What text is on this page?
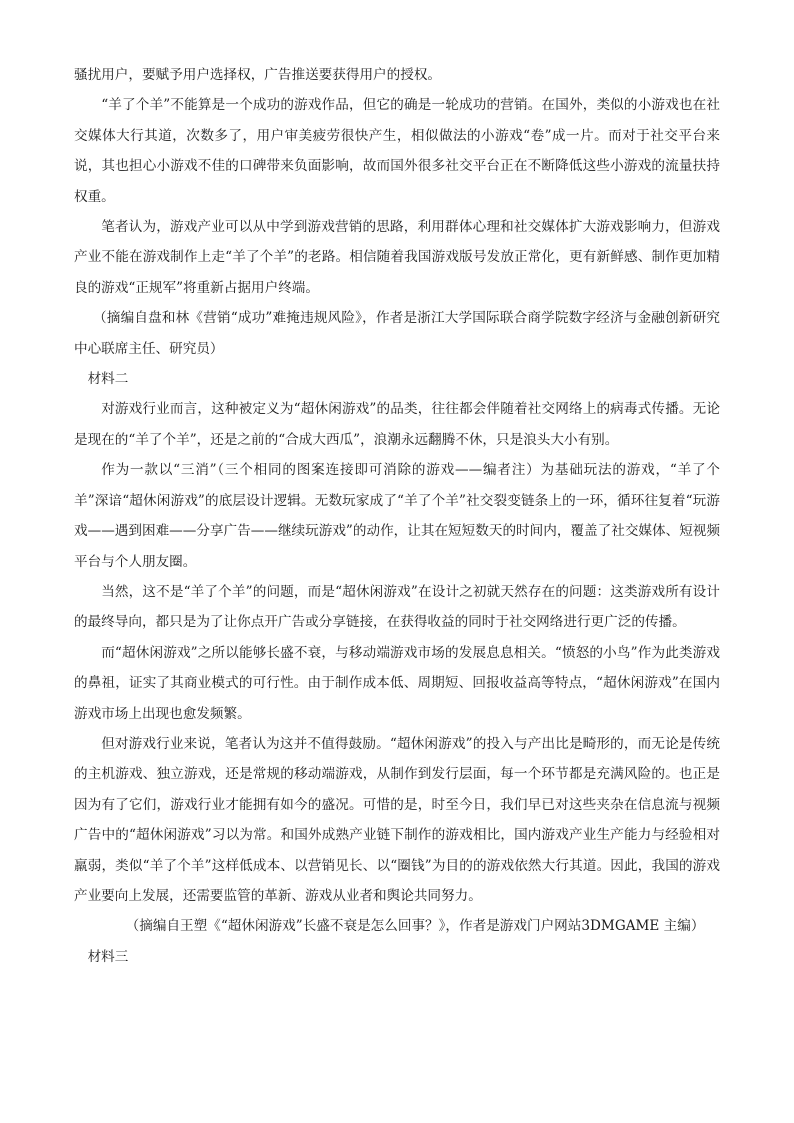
骚扰用户，要赋予用户选择权，广告推送要获得用户的授权。

“羊了个羊”不能算是一个成功的游戏作品，但它的确是一轮成功的营销。在国外，类似的小游戏也在社交媒体大行其道，次数多了，用户审美疲劳很快产生，相似做法的小游戏“卷”成一片。而对于社交平台来说，其也担心小游戏不佳的口碑带来负面影响，故而国外很多社交平台正在不断降低这些小游戏的流量扶持权重。

笔者认为，游戏产业可以从中学到游戏营销的思路，利用群体心理和社交媒体扩大游戏影响力，但游戏产业不能在游戏制作上走“羊了个羊”的老路。相信随着我国游戏版号发放正常化，更有新鲜感、制作更加精良的游戏“正规军”将重新占据用户终端。

（摘编自盘和林《营销“成功”难掩违规风险》，作者是浙江大学国际联合商学院数字经济与金融创新研究中心联席主任、研究员）

材料二

对游戏行业而言，这种被定义为“超休闲游戏”的品类，往往都会伴随着社交网络上的病毒式传播。无论是现在的“羊了个羊”，还是之前的“合成大西瓜”，浪潮永远翻腾不休，只是浪头大小有别。

作为一款以“三消”（三个相同的图案连接即可消除的游戏——编者注）为基础玩法的游戏，“羊了个羊”深谙“超休闲游戏”的底层设计逻辑。无数玩家成了“羊了个羊”社交裂变链条上的一环，循环往复着“玩游戏——遇到困难——分享广告——继续玩游戏”的动作，让其在短短数天的时间内，覆盖了社交媒体、短视频平台与个人朋友圈。

当然，这不是“羊了个羊”的问题，而是“超休闲游戏”在设计之初就天然存在的问题：这类游戏所有设计的最终导向，都只是为了让你点开广告或分享链接，在获得收益的同时于社交网络进行更广泛的传播。

而“超休闲游戏”之所以能够长盛不衰，与移动端游戏市场的发展息息相关。“愤怒的小鸟”作为此类游戏的鼻祖，证实了其商业模式的可行性。由于制作成本低、周期短、回报收益高等特点，“超休闲游戏”在国内游戏市场上出现也愈发频繁。

但对游戏行业来说，笔者认为这并不值得鼓励。“超休闲游戏”的投入与产出比是畸形的，而无论是传统的主机游戏、独立游戏，还是常规的移动端游戏，从制作到发行层面，每一个环节都是充满风险的。也正是因为有了它们，游戏行业才能拥有如今的盛况。可惜的是，时至今日，我们早已对这些夹杂在信息流与视频广告中的“超休闲游戏”习以为常。和国外成熟产业链下制作的游戏相比，国内游戏产业生产能力与经验相对羸弱，类似“羊了个羊”这样低成本、以营销见长、以“圈钱”为目的的游戏依然大行其道。因此，我国的游戏产业要向上发展，还需要监管的革新、游戏从业者和舆论共同努力。

（摘编自王塑《“超休闲游戏”长盛不衰是怎么回事？》，作者是游戏门户网站3DMGAME 主编）

材料三
